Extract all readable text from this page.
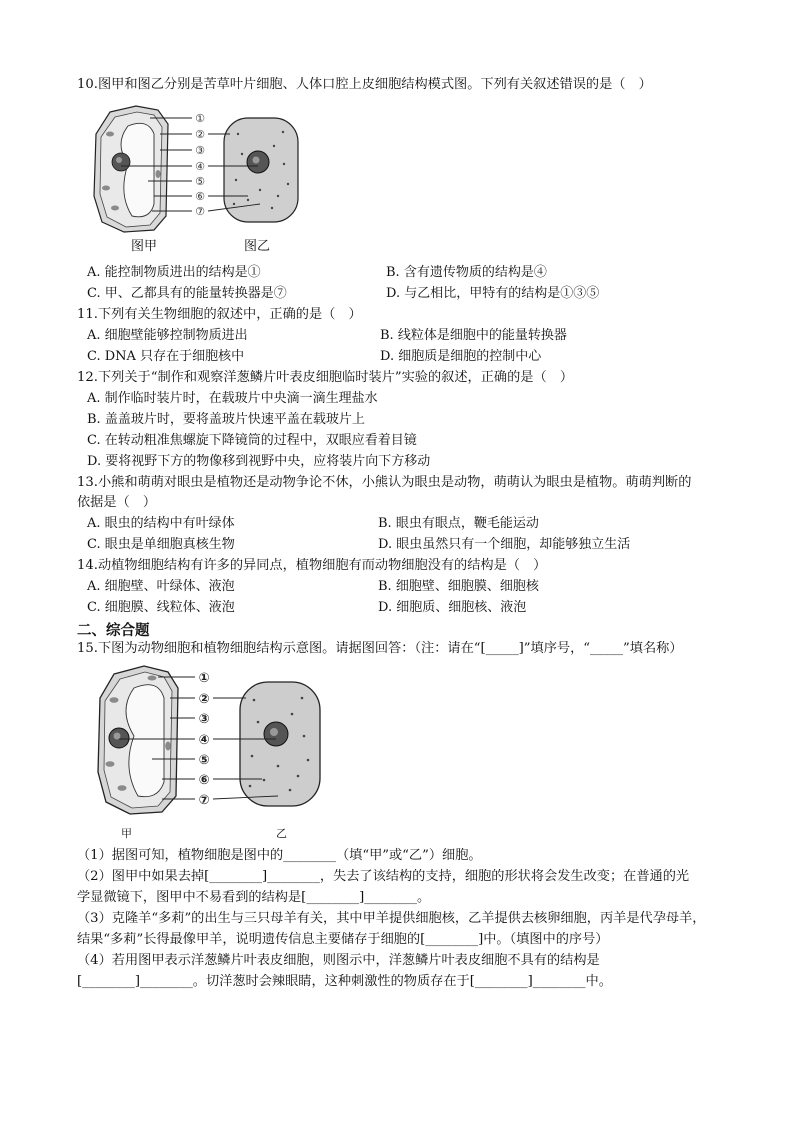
10.图甲和图乙分别是苦草叶片细胞、人体口腔上皮细胞结构模式图。下列有关叙述错误的是（　）
①
②
③
④
⑤
⑥
⑦
图甲	图乙
A. 能控制物质进出的结构是①	B. 含有遗传物质的结构是④
C. 甲、乙都具有的能量转换器是⑦	D. 与乙相比，甲特有的结构是①③⑤
11.下列有关生物细胞的叙述中，正确的是（　）
A. 细胞壁能够控制物质进出	B. 线粒体是细胞中的能量转换器
C. DNA 只存在于细胞核中	D. 细胞质是细胞的控制中心
12.下列关于“制作和观察洋葱鳞片叶表皮细胞临时装片”实验的叙述，正确的是（　）
A. 制作临时装片时，在载玻片中央滴一滴生理盐水
B. 盖盖玻片时，要将盖玻片快速平盖在载玻片上
C. 在转动粗准焦螺旋下降镜筒的过程中，双眼应看着目镜
D. 要将视野下方的物像移到视野中央，应将装片向下方移动
13.小熊和萌萌对眼虫是植物还是动物争论不休，小熊认为眼虫是动物，萌萌认为眼虫是植物。萌萌判断的
依据是（　）
A. 眼虫的结构中有叶绿体	B. 眼虫有眼点，鞭毛能运动
C. 眼虫是单细胞真核生物	D. 眼虫虽然只有一个细胞，却能够独立生活
14.动植物细胞结构有许多的异同点，植物细胞有而动物细胞没有的结构是（　）
A. 细胞壁、叶绿体、液泡	B. 细胞壁、细胞膜、细胞核
C. 细胞膜、线粒体、液泡	D. 细胞质、细胞核、液泡
二、综合题
15.下图为动物细胞和植物细胞结构示意图。请据图回答：（注：请在“[_____]”填序号，“_____”填名称）
①
②
③
④
⑤
⑥
⑦
甲	乙
（1）据图可知，植物细胞是图中的________（填“甲”或“乙”）细胞。
（2）图甲中如果去掉[________]________，失去了该结构的支持，细胞的形状将会发生改变；在普通的光
学显微镜下，图甲中不易看到的结构是[________]________。
（3）克隆羊“多莉”的出生与三只母羊有关，其中甲羊提供细胞核，乙羊提供去核卵细胞，丙羊是代孕母羊，
结果“多莉”长得最像甲羊，说明遗传信息主要储存于细胞的[________]中。（填图中的序号）
（4）若用图甲表示洋葱鳞片叶表皮细胞，则图示中，洋葱鳞片叶表皮细胞不具有的结构是
[________]________。切洋葱时会辣眼睛，这种刺激性的物质存在于[________]________中。
